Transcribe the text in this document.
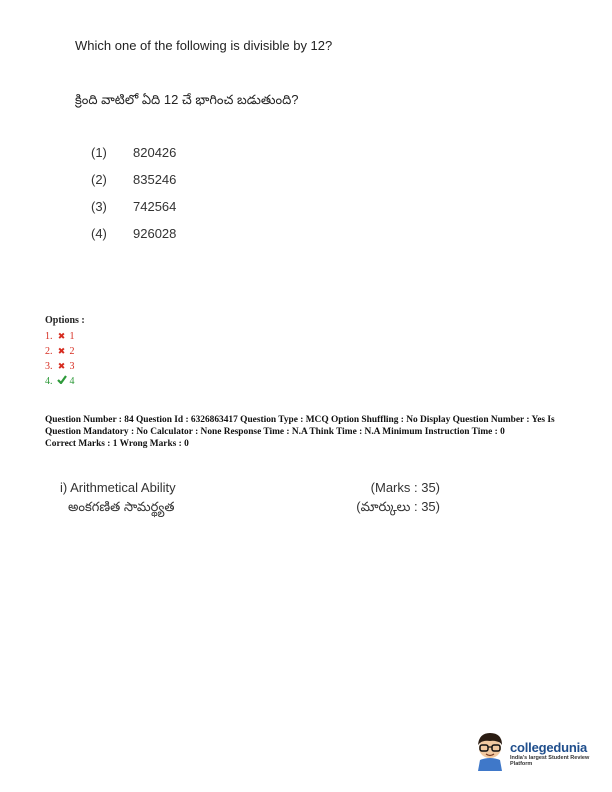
Which one of the following is divisible by 12?
క్రింది వాటిలో ఏది 12 చే భాగించ బడుతుంది?
(1)	820426
(2)	835246
(3)	742564
(4)	926028
Options :
1. ✖ 1
2. ✖ 2
3. ✖ 3
4. 4

Question Number : 84 Question Id : 6326863417 Question Type : MCQ Option Shuffling : No Display Question Number : Yes Is Question Mandatory : No Calculator : None Response Time : N.A Think Time : N.A Minimum Instruction Time : 0

Correct Marks : 1 Wrong Marks : 0

i) Arithmetical Ability	(Marks : 35)
అంకగణిత సామర్థ్యత	(మార్కులు : 35)
collegedunia
India's largest Student Review Platform
